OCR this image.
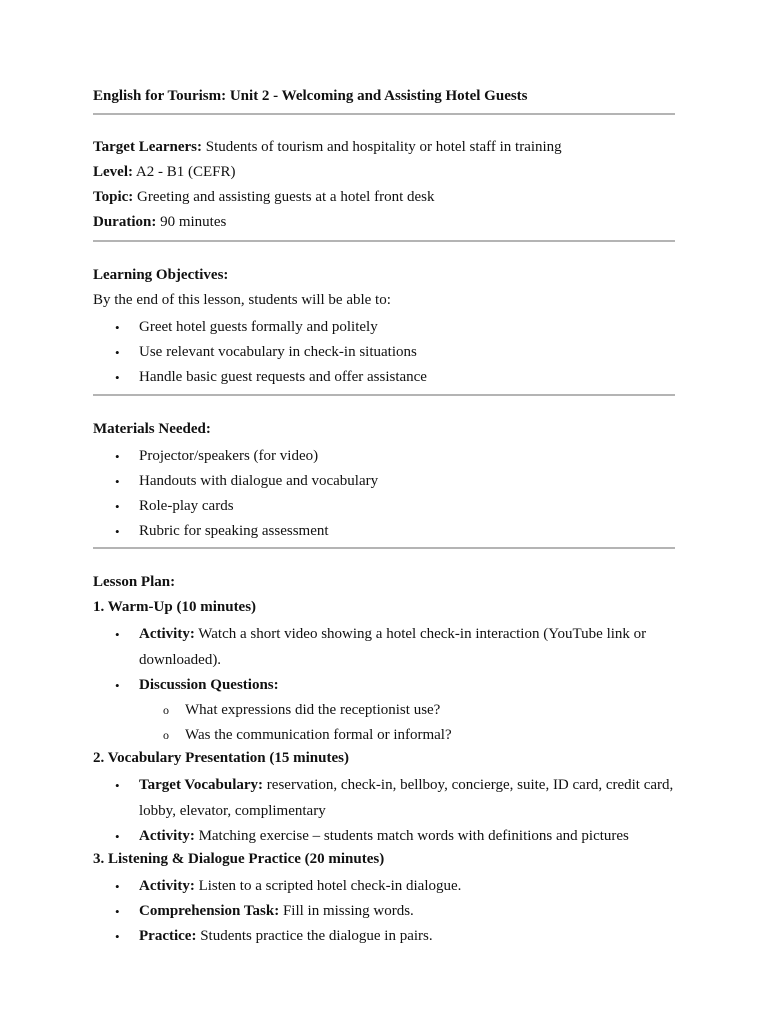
English for Tourism: Unit 2 - Welcoming and Assisting Hotel Guests
Target Learners: Students of tourism and hospitality or hotel staff in training
Level: A2 - B1 (CEFR)
Topic: Greeting and assisting guests at a hotel front desk
Duration: 90 minutes
Learning Objectives:
By the end of this lesson, students will be able to:
• Greet hotel guests formally and politely
• Use relevant vocabulary in check-in situations
• Handle basic guest requests and offer assistance
Materials Needed:
• Projector/speakers (for video)
• Handouts with dialogue and vocabulary
• Role-play cards
• Rubric for speaking assessment
Lesson Plan:
1. Warm-Up (10 minutes)
• Activity: Watch a short video showing a hotel check-in interaction (YouTube link or downloaded).
• Discussion Questions:
o What expressions did the receptionist use?
o Was the communication formal or informal?
2. Vocabulary Presentation (15 minutes)
• Target Vocabulary: reservation, check-in, bellboy, concierge, suite, ID card, credit card, lobby, elevator, complimentary
• Activity: Matching exercise – students match words with definitions and pictures
3. Listening & Dialogue Practice (20 minutes)
• Activity: Listen to a scripted hotel check-in dialogue.
• Comprehension Task: Fill in missing words.
• Practice: Students practice the dialogue in pairs.
